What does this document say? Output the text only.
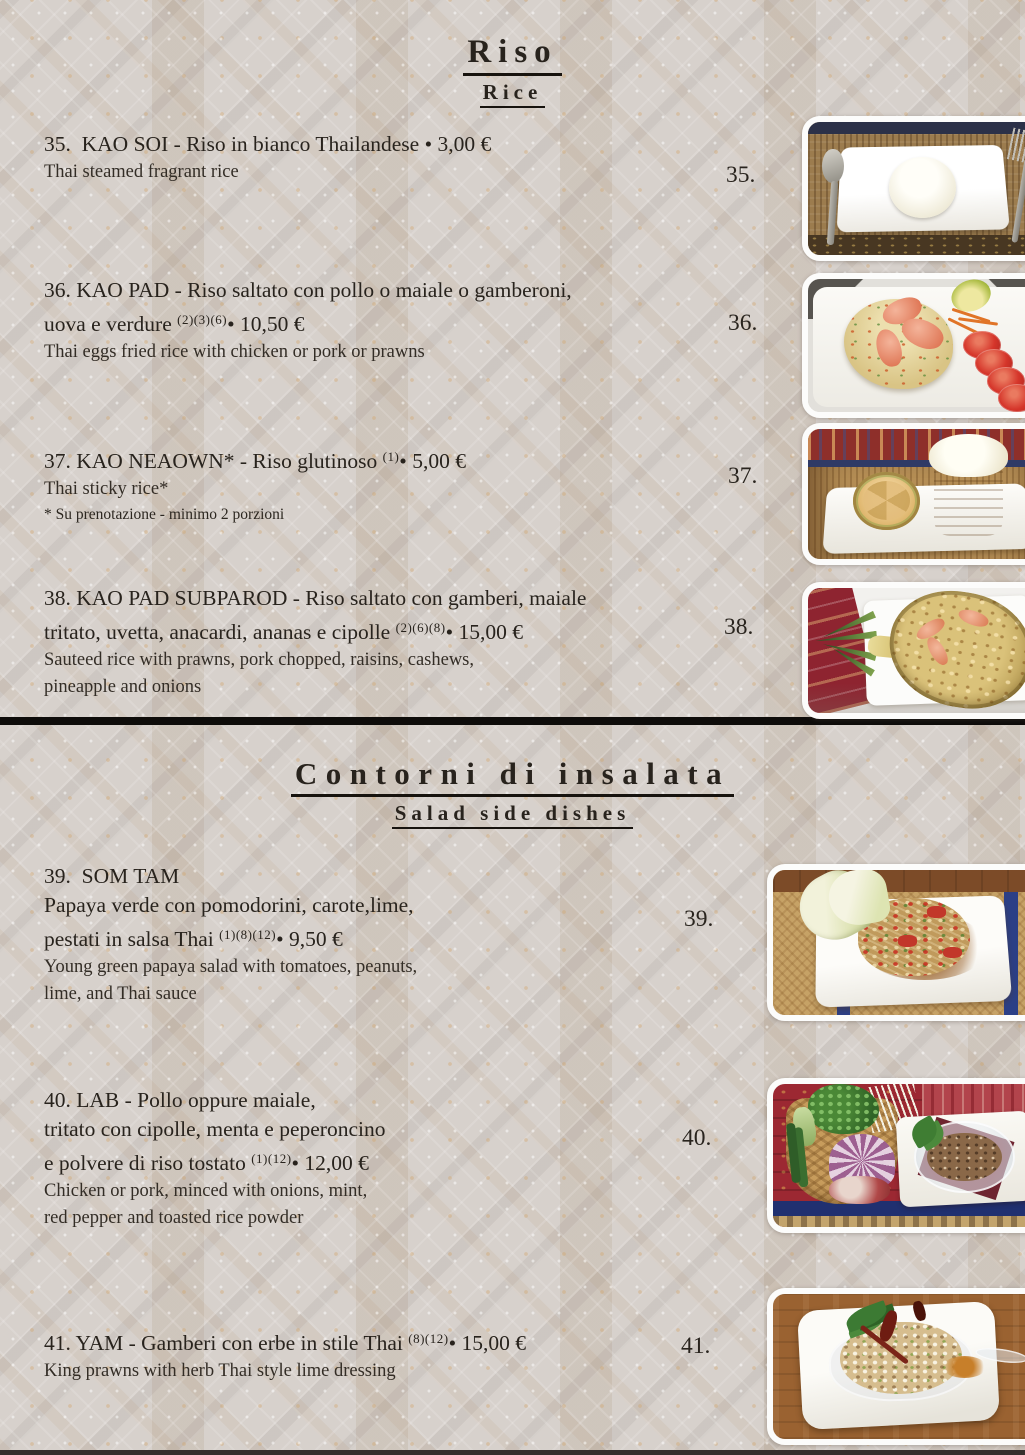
Riso
Rice
35.  KAO SOI - Riso in bianco Thailandese • 3,00 €
Thai steamed fragrant rice
36. KAO PAD - Riso saltato con pollo o maiale o gamberoni,
uova e verdure $^{(2)(3)(6)}$• 10,50 €
Thai eggs fried rice with chicken or pork or prawns
37. KAO NEAOWN* - Riso glutinoso $^{(1)}$• 5,00 €
Thai sticky rice*
* Su prenotazione - minimo 2 porzioni
38. KAO PAD SUBPAROD - Riso saltato con gamberi, maiale
tritato, uvetta, anacardi, ananas e cipolle $^{(2)(6)(8)}$• 15,00 €
Sauteed rice with prawns, pork chopped, raisins, cashews,
pineapple and onions
Contorni di insalata
Salad side dishes
39.  SOM TAM
Papaya verde con pomodorini, carote,lime,
pestati in salsa Thai $^{(1)(8)(12)}$• 9,50 €
Young green papaya salad with tomatoes, peanuts,
lime, and Thai sauce
40. LAB - Pollo oppure maiale,
tritato con cipolle, menta e peperoncino
e polvere di riso tostato $^{(1)(12)}$• 12,00 €
Chicken or pork, minced with onions, mint,
red pepper and toasted rice powder
41. YAM - Gamberi con erbe in stile Thai $^{(8)(12)}$• 15,00 €
King prawns with herb Thai style lime dressing
35.
36.
37.
38.
39.
40.
41.
